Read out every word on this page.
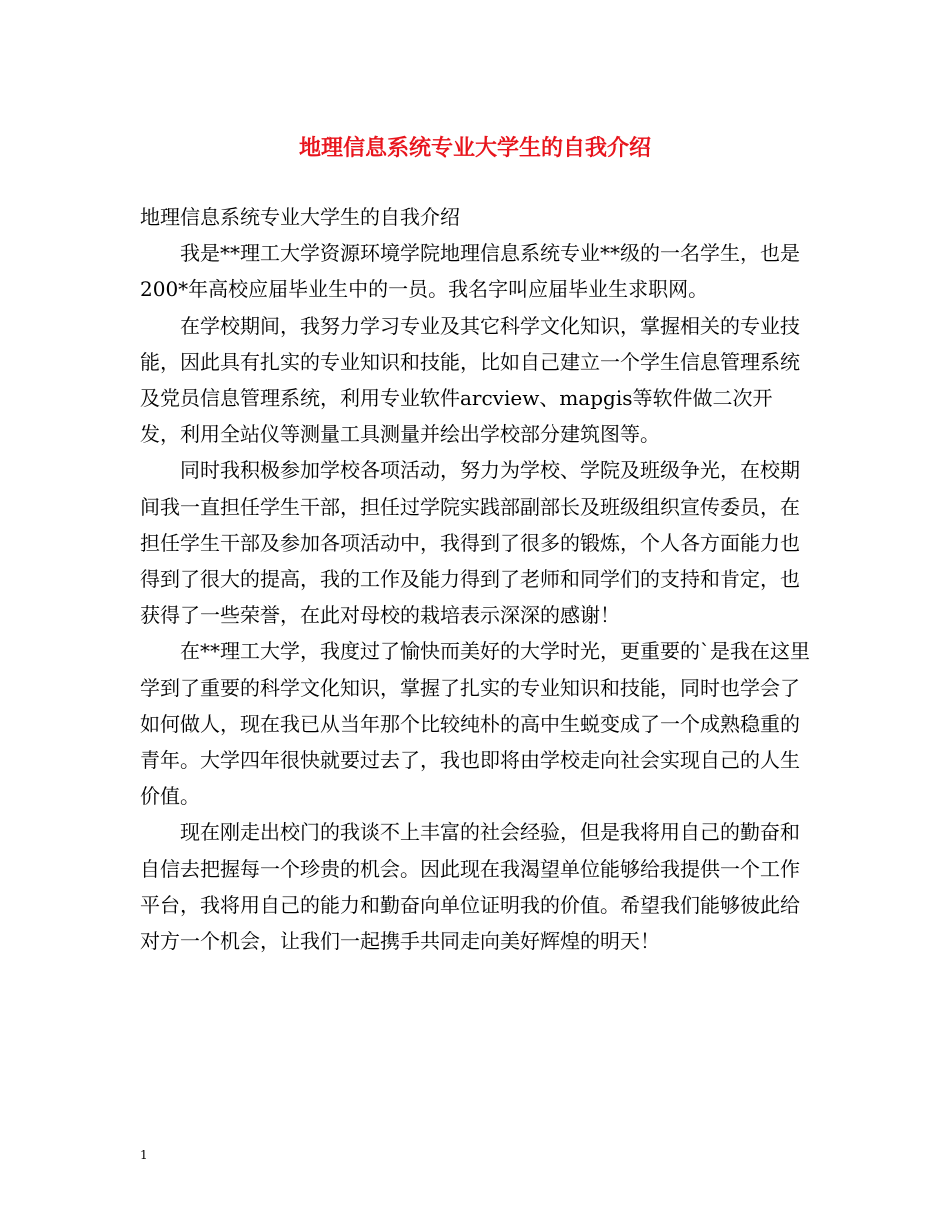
地理信息系统专业大学生的自我介绍

地理信息系统专业大学生的自我介绍

我是**理工大学资源环境学院地理信息系统专业**级的一名学生，也是200*年高校应届毕业生中的一员。我名字叫应届毕业生求职网。

在学校期间，我努力学习专业及其它科学文化知识，掌握相关的专业技能，因此具有扎实的专业知识和技能，比如自己建立一个学生信息管理系统及党员信息管理系统，利用专业软件arcview、mapgis等软件做二次开发，利用全站仪等测量工具测量并绘出学校部分建筑图等。

同时我积极参加学校各项活动，努力为学校、学院及班级争光，在校期间我一直担任学生干部，担任过学院实践部副部长及班级组织宣传委员，在担任学生干部及参加各项活动中，我得到了很多的锻炼，个人各方面能力也得到了很大的提高，我的工作及能力得到了老师和同学们的支持和肯定，也获得了一些荣誉，在此对母校的栽培表示深深的感谢！

在**理工大学，我度过了愉快而美好的大学时光，更重要的`是我在这里学到了重要的科学文化知识，掌握了扎实的专业知识和技能，同时也学会了如何做人，现在我已从当年那个比较纯朴的高中生蜕变成了一个成熟稳重的青年。大学四年很快就要过去了，我也即将由学校走向社会实现自己的人生价值。

现在刚走出校门的我谈不上丰富的社会经验，但是我将用自己的勤奋和自信去把握每一个珍贵的机会。因此现在我渴望单位能够给我提供一个工作平台，我将用自己的能力和勤奋向单位证明我的价值。希望我们能够彼此给对方一个机会，让我们一起携手共同走向美好辉煌的明天！

1
